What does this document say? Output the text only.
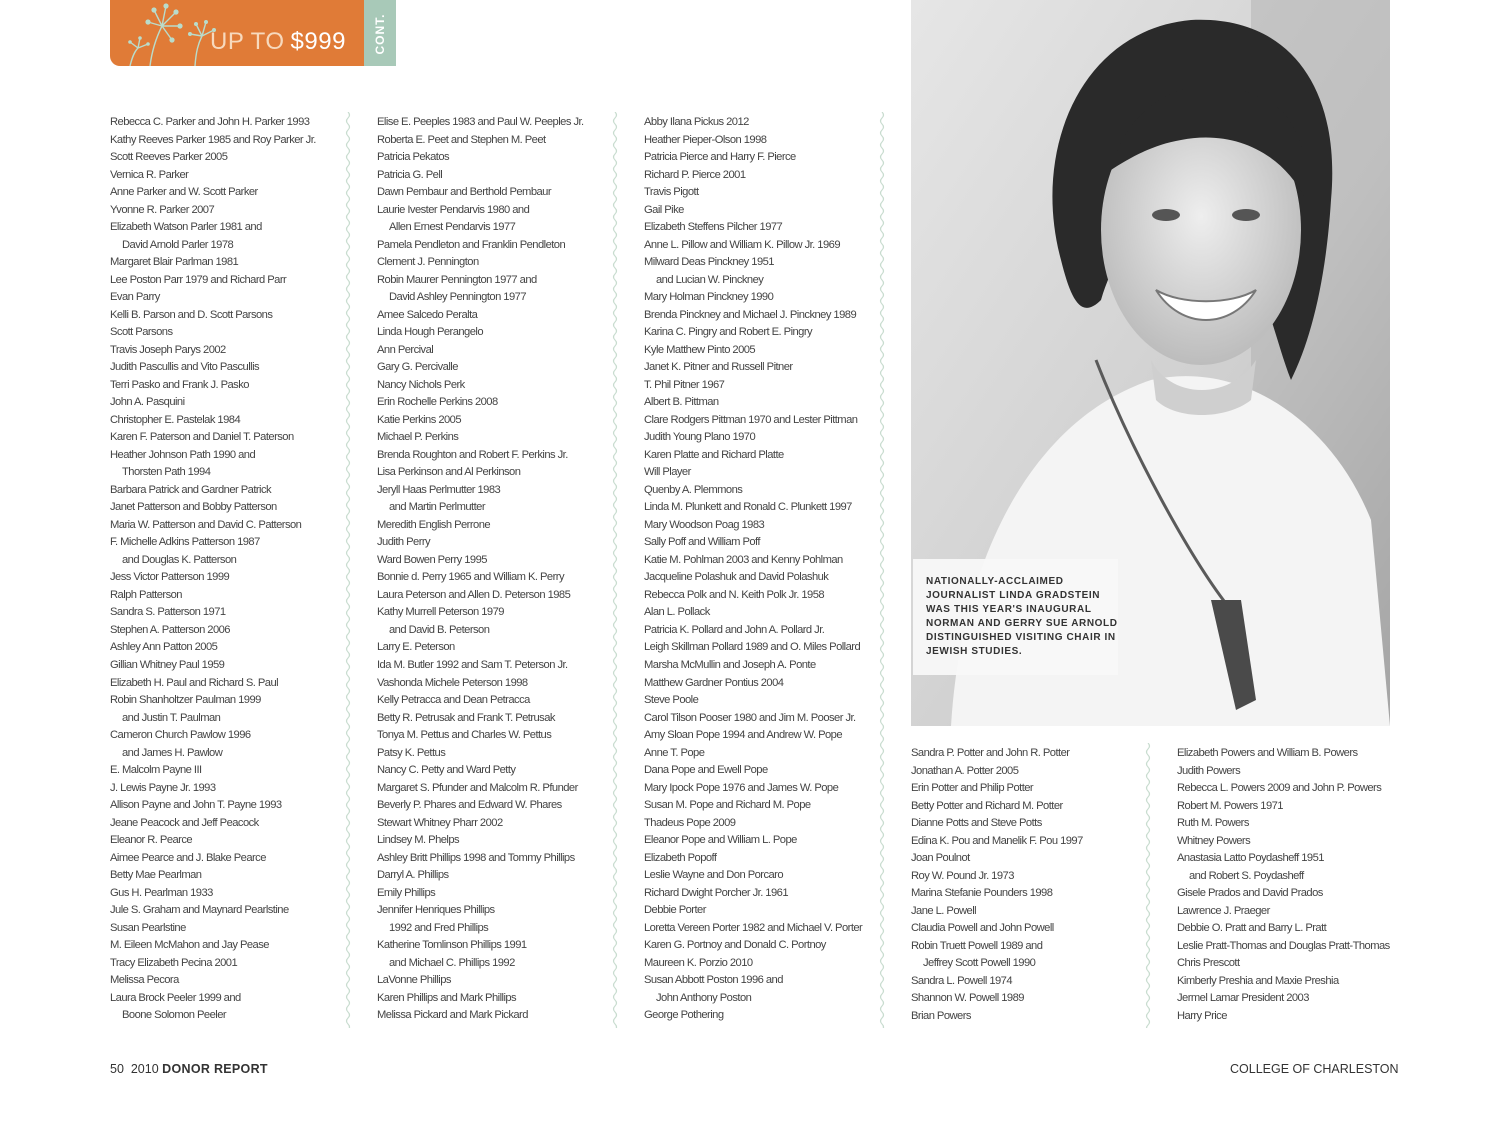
UP TO $999 CONT.
Rebecca C. Parker and John H. Parker 1993
Kathy Reeves Parker 1985 and Roy Parker Jr.
Scott Reeves Parker 2005
Vernica R. Parker
Anne Parker and W. Scott Parker
Yvonne R. Parker 2007
Elizabeth Watson Parler 1981 and
David Arnold Parler 1978
Margaret Blair Parlman 1981
Lee Poston Parr 1979 and Richard Parr
Evan Parry
Kelli B. Parson and D. Scott Parsons
Scott Parsons
Travis Joseph Parys 2002
Judith Pascullis and Vito Pascullis
Terri Pasko and Frank J. Pasko
John A. Pasquini
Christopher E. Pastelak 1984
Karen F. Paterson and Daniel T. Paterson
Heather Johnson Path 1990 and
Thorsten Path 1994
Barbara Patrick and Gardner Patrick
Janet Patterson and Bobby Patterson
Maria W. Patterson and David C. Patterson
F. Michelle Adkins Patterson 1987
and Douglas K. Patterson
Jess Victor Patterson 1999
Ralph Patterson
Sandra S. Patterson 1971
Stephen A. Patterson 2006
Ashley Ann Patton 2005
Gillian Whitney Paul 1959
Elizabeth H. Paul and Richard S. Paul
Robin Shanholtzer Paulman 1999
and Justin T. Paulman
Cameron Church Pawlow 1996
and James H. Pawlow
E. Malcolm Payne III
J. Lewis Payne Jr. 1993
Allison Payne and John T. Payne 1993
Jeane Peacock and Jeff Peacock
Eleanor R. Pearce
Aimee Pearce and J. Blake Pearce
Betty Mae Pearlman
Gus H. Pearlman 1933
Jule S. Graham and Maynard Pearlstine
Susan Pearlstine
M. Eileen McMahon and Jay Pease
Tracy Elizabeth Pecina 2001
Melissa Pecora
Laura Brock Peeler 1999 and
Boone Solomon Peeler
Elise E. Peeples 1983 and Paul W. Peeples Jr.
Roberta E. Peet and Stephen M. Peet
Patricia Pekatos
Patricia G. Pell
Dawn Pembaur and Berthold Pembaur
Laurie Ivester Pendarvis 1980 and
Allen Ernest Pendarvis 1977
Pamela Pendleton and Franklin Pendleton
Clement J. Pennington
Robin Maurer Pennington 1977 and
David Ashley Pennington 1977
Amee Salcedo Peralta
Linda Hough Perangelo
Ann Percival
Gary G. Percivalle
Nancy Nichols Perk
Erin Rochelle Perkins 2008
Katie Perkins 2005
Michael P. Perkins
Brenda Roughton and Robert F. Perkins Jr.
Lisa Perkinson and Al Perkinson
Jeryll Haas Perlmutter 1983
and Martin Perlmutter
Meredith English Perrone
Judith Perry
Ward Bowen Perry 1995
Bonnie d. Perry 1965 and William K. Perry
Laura Peterson and Allen D. Peterson 1985
Kathy Murrell Peterson 1979
and David B. Peterson
Larry E. Peterson
Ida M. Butler 1992 and Sam T. Peterson Jr.
Vashonda Michele Peterson 1998
Kelly Petracca and Dean Petracca
Betty R. Petrusak and Frank T. Petrusak
Tonya M. Pettus and Charles W. Pettus
Patsy K. Pettus
Nancy C. Petty and Ward Petty
Margaret S. Pfunder and Malcolm R. Pfunder
Beverly P. Phares and Edward W. Phares
Stewart Whitney Pharr 2002
Lindsey M. Phelps
Ashley Britt Phillips 1998 and Tommy Phillips
Darryl A. Phillips
Emily Phillips
Jennifer Henriques Phillips
1992 and Fred Phillips
Katherine Tomlinson Phillips 1991
and Michael C. Phillips 1992
LaVonne Phillips
Karen Phillips and Mark Phillips
Melissa Pickard and Mark Pickard
Abby Ilana Pickus 2012
Heather Pieper-Olson 1998
Patricia Pierce and Harry F. Pierce
Richard P. Pierce 2001
Travis Pigott
Gail Pike
Elizabeth Steffens Pilcher 1977
Anne L. Pillow and William K. Pillow Jr. 1969
Milward Deas Pinckney 1951
and Lucian W. Pinckney
Mary Holman Pinckney 1990
Brenda Pinckney and Michael J. Pinckney 1989
Karina C. Pingry and Robert E. Pingry
Kyle Matthew Pinto 2005
Janet K. Pitner and Russell Pitner
T. Phil Pitner 1967
Albert B. Pittman
Clare Rodgers Pittman 1970 and Lester Pittman
Judith Young Plano 1970
Karen Platte and Richard Platte
Will Player
Quenby A. Plemmons
Linda M. Plunkett and Ronald C. Plunkett 1997
Mary Woodson Poag 1983
Sally Poff and William Poff
Katie M. Pohlman 2003 and Kenny Pohlman
Jacqueline Polashuk and David Polashuk
Rebecca Polk and N. Keith Polk Jr. 1958
Alan L. Pollack
Patricia K. Pollard and John A. Pollard Jr.
Leigh Skillman Pollard 1989 and O. Miles Pollard
Marsha McMullin and Joseph A. Ponte
Matthew Gardner Pontius 2004
Steve Poole
Carol Tilson Pooser 1980 and Jim M. Pooser Jr.
Amy Sloan Pope 1994 and Andrew W. Pope
Anne T. Pope
Dana Pope and Ewell Pope
Mary Ipock Pope 1976 and James W. Pope
Susan M. Pope and Richard M. Pope
Thadeus Pope 2009
Eleanor Pope and William L. Pope
Elizabeth Popoff
Leslie Wayne and Don Porcaro
Richard Dwight Porcher Jr. 1961
Debbie Porter
Loretta Vereen Porter 1982 and Michael V. Porter
Karen G. Portnoy and Donald C. Portnoy
Maureen K. Porzio 2010
Susan Abbott Poston 1996 and
John Anthony Poston
George Pothering
Sandra P. Potter and John R. Potter
Jonathan A. Potter 2005
Erin Potter and Philip Potter
Betty Potter and Richard M. Potter
Dianne Potts and Steve Potts
Edina K. Pou and Manelik F. Pou 1997
Joan Poulnot
Roy W. Pound Jr. 1973
Marina Stefanie Pounders 1998
Jane L. Powell
Claudia Powell and John Powell
Robin Truett Powell 1989 and
Jeffrey Scott Powell 1990
Sandra L. Powell 1974
Shannon W. Powell 1989
Brian Powers
Elizabeth Powers and William B. Powers
Judith Powers
Rebecca L. Powers 2009 and John P. Powers
Robert M. Powers 1971
Ruth M. Powers
Whitney Powers
Anastasia Latto Poydasheff 1951
and Robert S. Poydasheff
Gisele Prados and David Prados
Lawrence J. Praeger
Debbie O. Pratt and Barry L. Pratt
Leslie Pratt-Thomas and Douglas Pratt-Thomas
Chris Prescott
Kimberly Preshia and Maxie Preshia
Jermel Lamar President 2003
Harry Price

NATIONALLY-ACCLAIMED JOURNALIST LINDA GRADSTEIN WAS THIS YEAR'S INAUGURAL NORMAN AND GERRY SUE ARNOLD DISTINGUISHED VISITING CHAIR IN JEWISH STUDIES.

50 2010 DONOR REPORT	COLLEGE OF CHARLESTON
